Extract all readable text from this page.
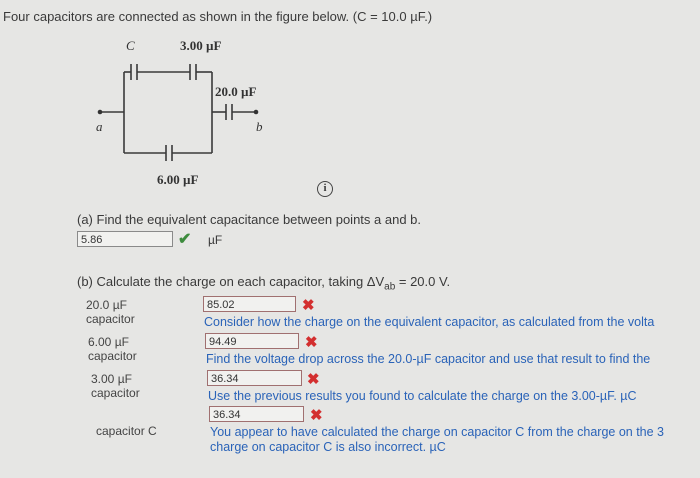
Four capacitors are connected as shown in the figure below. (C = 10.0 µF.)
C	3.00 µF
20.0 µF
6.00 µF
a	b
i
(a) Find the equivalent capacitance between points a and b.
5.86	✔ µF
(b) Calculate the charge on each capacitor, taking $\Delta V_{ab} = 20.0$ V.
20.0 µF
capacitor
85.02	✖
Consider how the charge on the equivalent capacitor, as calculated from the volta
6.00 µF
capacitor
94.49	✖
Find the voltage drop across the 20.0-µF capacitor and use that result to find the
3.00 µF
capacitor
36.34	✖
Use the previous results you found to calculate the charge on the 3.00-µF. µC
capacitor C
36.34	✖
You appear to have calculated the charge on capacitor C from the charge on the 3
charge on capacitor C is also incorrect. µC
